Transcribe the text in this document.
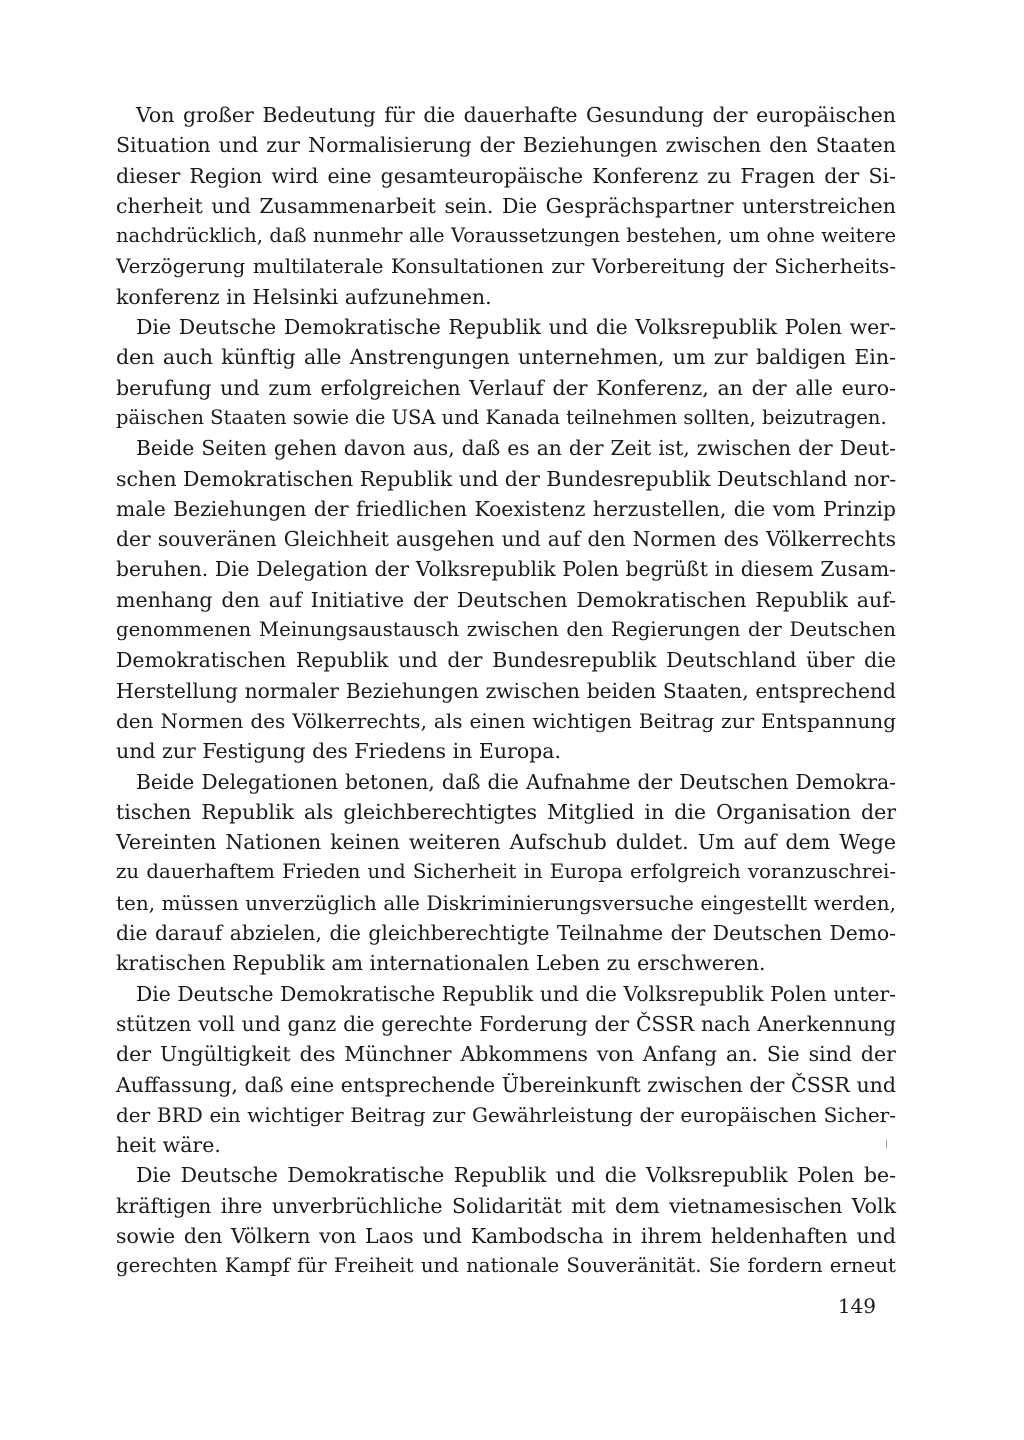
Von großer Bedeutung für die dauerhafte Gesundung der europäischen
Situation und zur Normalisierung der Beziehungen zwischen den Staaten
dieser Region wird eine gesamteuropäische Konferenz zu Fragen der Si-
cherheit und Zusammenarbeit sein. Die Gesprächspartner unterstreichen
nachdrücklich, daß nunmehr alle Voraussetzungen bestehen, um ohne weitere
Verzögerung multilaterale Konsultationen zur Vorbereitung der Sicherheits-
konferenz in Helsinki aufzunehmen.
Die Deutsche Demokratische Republik und die Volksrepublik Polen wer-
den auch künftig alle Anstrengungen unternehmen, um zur baldigen Ein-
berufung und zum erfolgreichen Verlauf der Konferenz, an der alle euro-
päischen Staaten sowie die USA und Kanada teilnehmen sollten, beizutragen.
Beide Seiten gehen davon aus, daß es an der Zeit ist, zwischen der Deut-
schen Demokratischen Republik und der Bundesrepublik Deutschland nor-
male Beziehungen der friedlichen Koexistenz herzustellen, die vom Prinzip
der souveränen Gleichheit ausgehen und auf den Normen des Völkerrechts
beruhen. Die Delegation der Volksrepublik Polen begrüßt in diesem Zusam-
menhang den auf Initiative der Deutschen Demokratischen Republik auf-
genommenen Meinungsaustausch zwischen den Regierungen der Deutschen
Demokratischen Republik und der Bundesrepublik Deutschland über die
Herstellung normaler Beziehungen zwischen beiden Staaten, entsprechend
den Normen des Völkerrechts, als einen wichtigen Beitrag zur Entspannung
und zur Festigung des Friedens in Europa.
Beide Delegationen betonen, daß die Aufnahme der Deutschen Demokra-
tischen Republik als gleichberechtigtes Mitglied in die Organisation der
Vereinten Nationen keinen weiteren Aufschub duldet. Um auf dem Wege
zu dauerhaftem Frieden und Sicherheit in Europa erfolgreich voranzuschrei-
ten, müssen unverzüglich alle Diskriminierungsversuche eingestellt werden,
die darauf abzielen, die gleichberechtigte Teilnahme der Deutschen Demo-
kratischen Republik am internationalen Leben zu erschweren.
Die Deutsche Demokratische Republik und die Volksrepublik Polen unter-
stützen voll und ganz die gerechte Forderung der ČSSR nach Anerkennung
der Ungültigkeit des Münchner Abkommens von Anfang an. Sie sind der
Auffassung, daß eine entsprechende Übereinkunft zwischen der ČSSR und
der BRD ein wichtiger Beitrag zur Gewährleistung der europäischen Sicher-
heit wäre.
Die Deutsche Demokratische Republik und die Volksrepublik Polen be-
kräftigen ihre unverbrüchliche Solidarität mit dem vietnamesischen Volk
sowie den Völkern von Laos und Kambodscha in ihrem heldenhaften und
gerechten Kampf für Freiheit und nationale Souveränität. Sie fordern erneut
149
